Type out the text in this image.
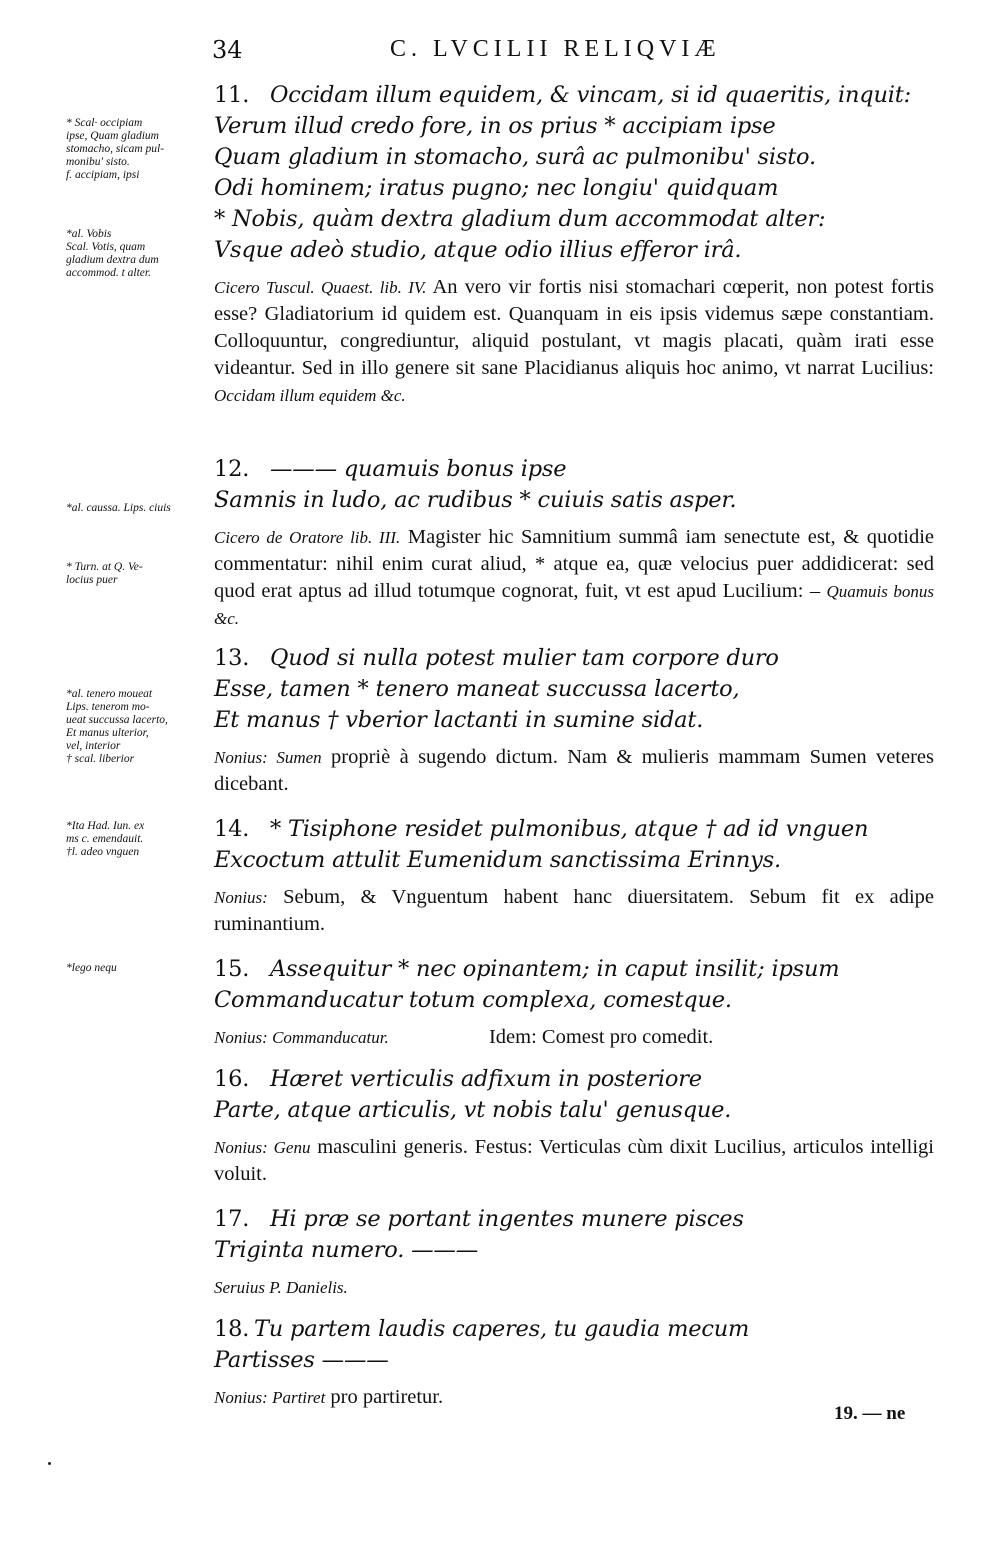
34	C. LVCILII RELIQVIÆ
* Scal· occipiam
ipse, Quam gladium
stomacho, sicam pul-
monibu' sisto.
f. accipiam, ipsi
*al. Vobis
Scal. Votis, quam
gladium dextra dum
accommod. t alter.
*al. caussa. Lips. ciuis
* Turn. at Q. Ve-
locius puer
*al. tenero moueat
Lips. tenerom mo-
ueat succussa lacerto,
Et manus ulterior,
vel, interior
† scal. liberior
*Ita Had. Iun. ex
ms c. emendauit.
†l. adeo vnguen
*lego nequ
11. Occidam illum equidem, & vincam, si id quaeritis, inquit:
Verum illud credo fore, in os prius * accipiam ipse
Quam gladium in stomacho, surâ ac pulmonibu' sisto.
Odi hominem; iratus pugno; nec longiu' quidquam
* Nobis, quàm dextra gladium dum accommodat alter:
Vsque adeò studio, atque odio illius efferor irâ.
Cicero Tuscul. Quaest. lib. IV. An vero vir fortis nisi stomachari cœperit, non potest fortis esse? Gladiatorium id quidem est. Quanquam in eis ipsis videmus sæpe constantiam. Colloquuntur, congrediuntur, aliquid postulant, vt magis placati, quàm irati esse videantur. Sed in illo genere sit sane Placidianus aliquis hoc animo, vt narrat Lucilius: Occidam illum equidem &c.
12. ——— quamuis bonus ipse
Samnis in ludo, ac rudibus * cuiuis satis asper.
Cicero de Oratore lib. III. Magister hic Samnitium summâ iam senectute est, & quotidie commentatur: nihil enim curat aliud, * atque ea, quæ velocius puer addidicerat: sed quod erat aptus ad illud totumque cognorat, fuit, vt est apud Lucilium: – Quamuis bonus &c.
13. Quod si nulla potest mulier tam corpore duro
Esse, tamen * tenero maneat succussa lacerto,
Et manus † vberior lactanti in sumine sidat.
Nonius: Sumen propriè à sugendo dictum. Nam & mulieris mammam Sumen veteres dicebant.
14. * Tisiphone residet pulmonibus, atque † ad id vnguen
Excoctum attulit Eumenidum sanctissima Erinnys.
Nonius: Sebum, & Vnguentum habent hanc diuersitatem. Sebum fit ex adipe ruminantium.
15. Assequitur * nec opinantem; in caput insilit; ipsum
Commanducatur totum complexa, comestque.
Nonius: Commanducatur.	Idem: Comest pro comedit.
16. Hæret verticulis adfixum in posteriore
Parte, atque articulis, vt nobis talu' genusque.
Nonius: Genu masculini generis. Festus: Verticulas cùm dixit Lucilius, articulos intelligi voluit.
17. Hi præ se portant ingentes munere pisces
Triginta numero. ———
Seruius P. Danielis.
18. Tu partem laudis caperes, tu gaudia mecum
Partisses ———
Nonius: Partiret pro partiretur.
19. — ne
